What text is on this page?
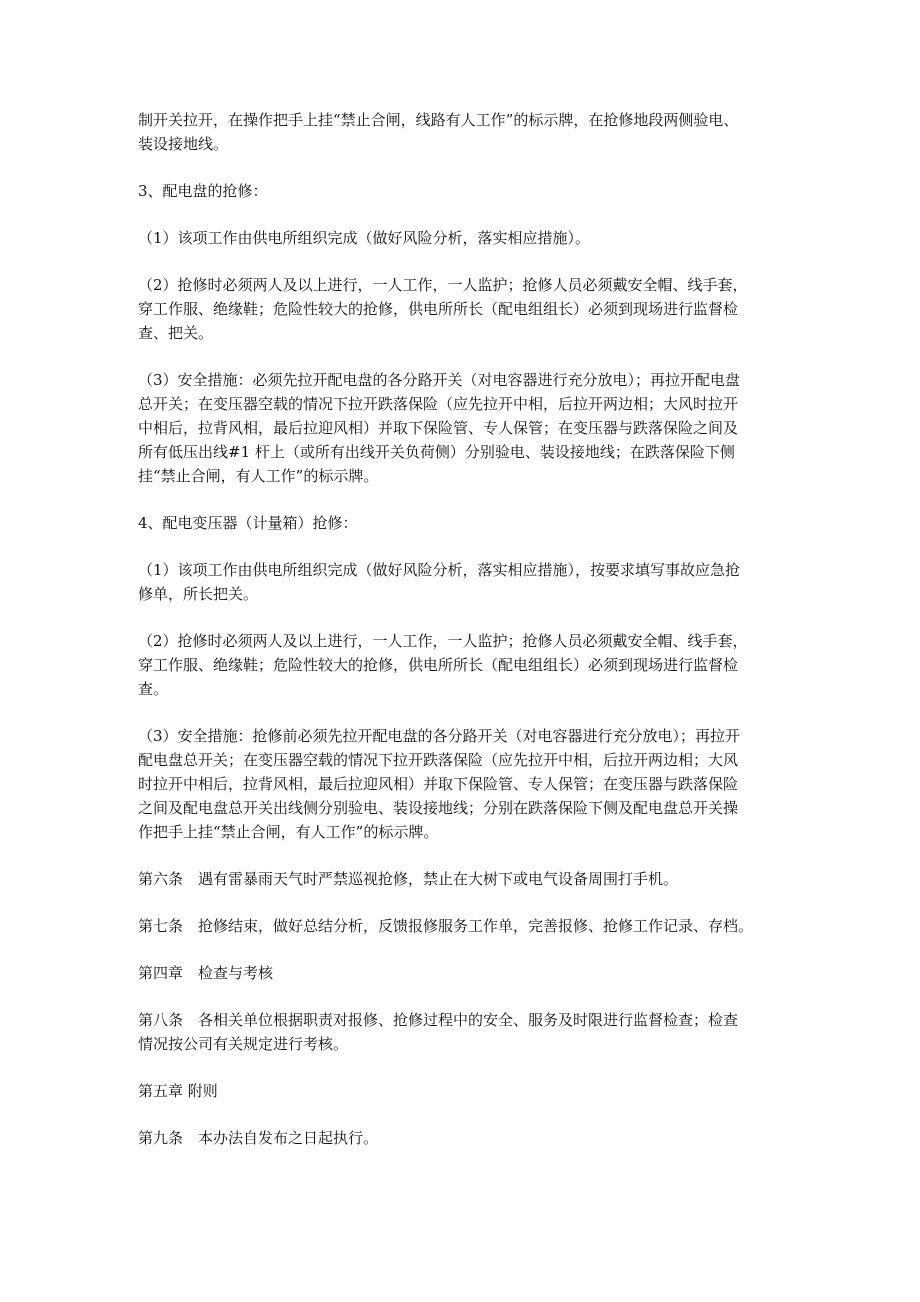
制开关拉开，在操作把手上挂“禁止合闸，线路有人工作”的标示牌，在抢修地段两侧验电、
装设接地线。

3、配电盘的抢修：

（1）该项工作由供电所组织完成（做好风险分析，落实相应措施）。

（2）抢修时必须两人及以上进行，一人工作，一人监护；抢修人员必须戴安全帽、线手套，
穿工作服、绝缘鞋；危险性较大的抢修，供电所所长（配电组组长）必须到现场进行监督检
查、把关。

（3）安全措施：必须先拉开配电盘的各分路开关（对电容器进行充分放电）；再拉开配电盘
总开关；在变压器空载的情况下拉开跌落保险（应先拉开中相，后拉开两边相；大风时拉开
中相后，拉背风相，最后拉迎风相）并取下保险管、专人保管；在变压器与跌落保险之间及
所有低压出线#1 杆上（或所有出线开关负荷侧）分别验电、装设接地线；在跌落保险下侧
挂“禁止合闸，有人工作”的标示牌。

4、配电变压器（计量箱）抢修：

（1）该项工作由供电所组织完成（做好风险分析，落实相应措施），按要求填写事故应急抢
修单，所长把关。

（2）抢修时必须两人及以上进行，一人工作，一人监护；抢修人员必须戴安全帽、线手套，
穿工作服、绝缘鞋；危险性较大的抢修，供电所所长（配电组组长）必须到现场进行监督检
查。

（3）安全措施：抢修前必须先拉开配电盘的各分路开关（对电容器进行充分放电）；再拉开
配电盘总开关；在变压器空载的情况下拉开跌落保险（应先拉开中相，后拉开两边相；大风
时拉开中相后，拉背风相，最后拉迎风相）并取下保险管、专人保管；在变压器与跌落保险
之间及配电盘总开关出线侧分别验电、装设接地线；分别在跌落保险下侧及配电盘总开关操
作把手上挂“禁止合闸，有人工作”的标示牌。

第六条　遇有雷暴雨天气时严禁巡视抢修，禁止在大树下或电气设备周围打手机。

第七条　抢修结束，做好总结分析，反馈报修服务工作单，完善报修、抢修工作记录、存档。

第四章　检查与考核

第八条　各相关单位根据职责对报修、抢修过程中的安全、服务及时限进行监督检查；检查
情况按公司有关规定进行考核。

第五章 附则

第九条　本办法自发布之日起执行。
